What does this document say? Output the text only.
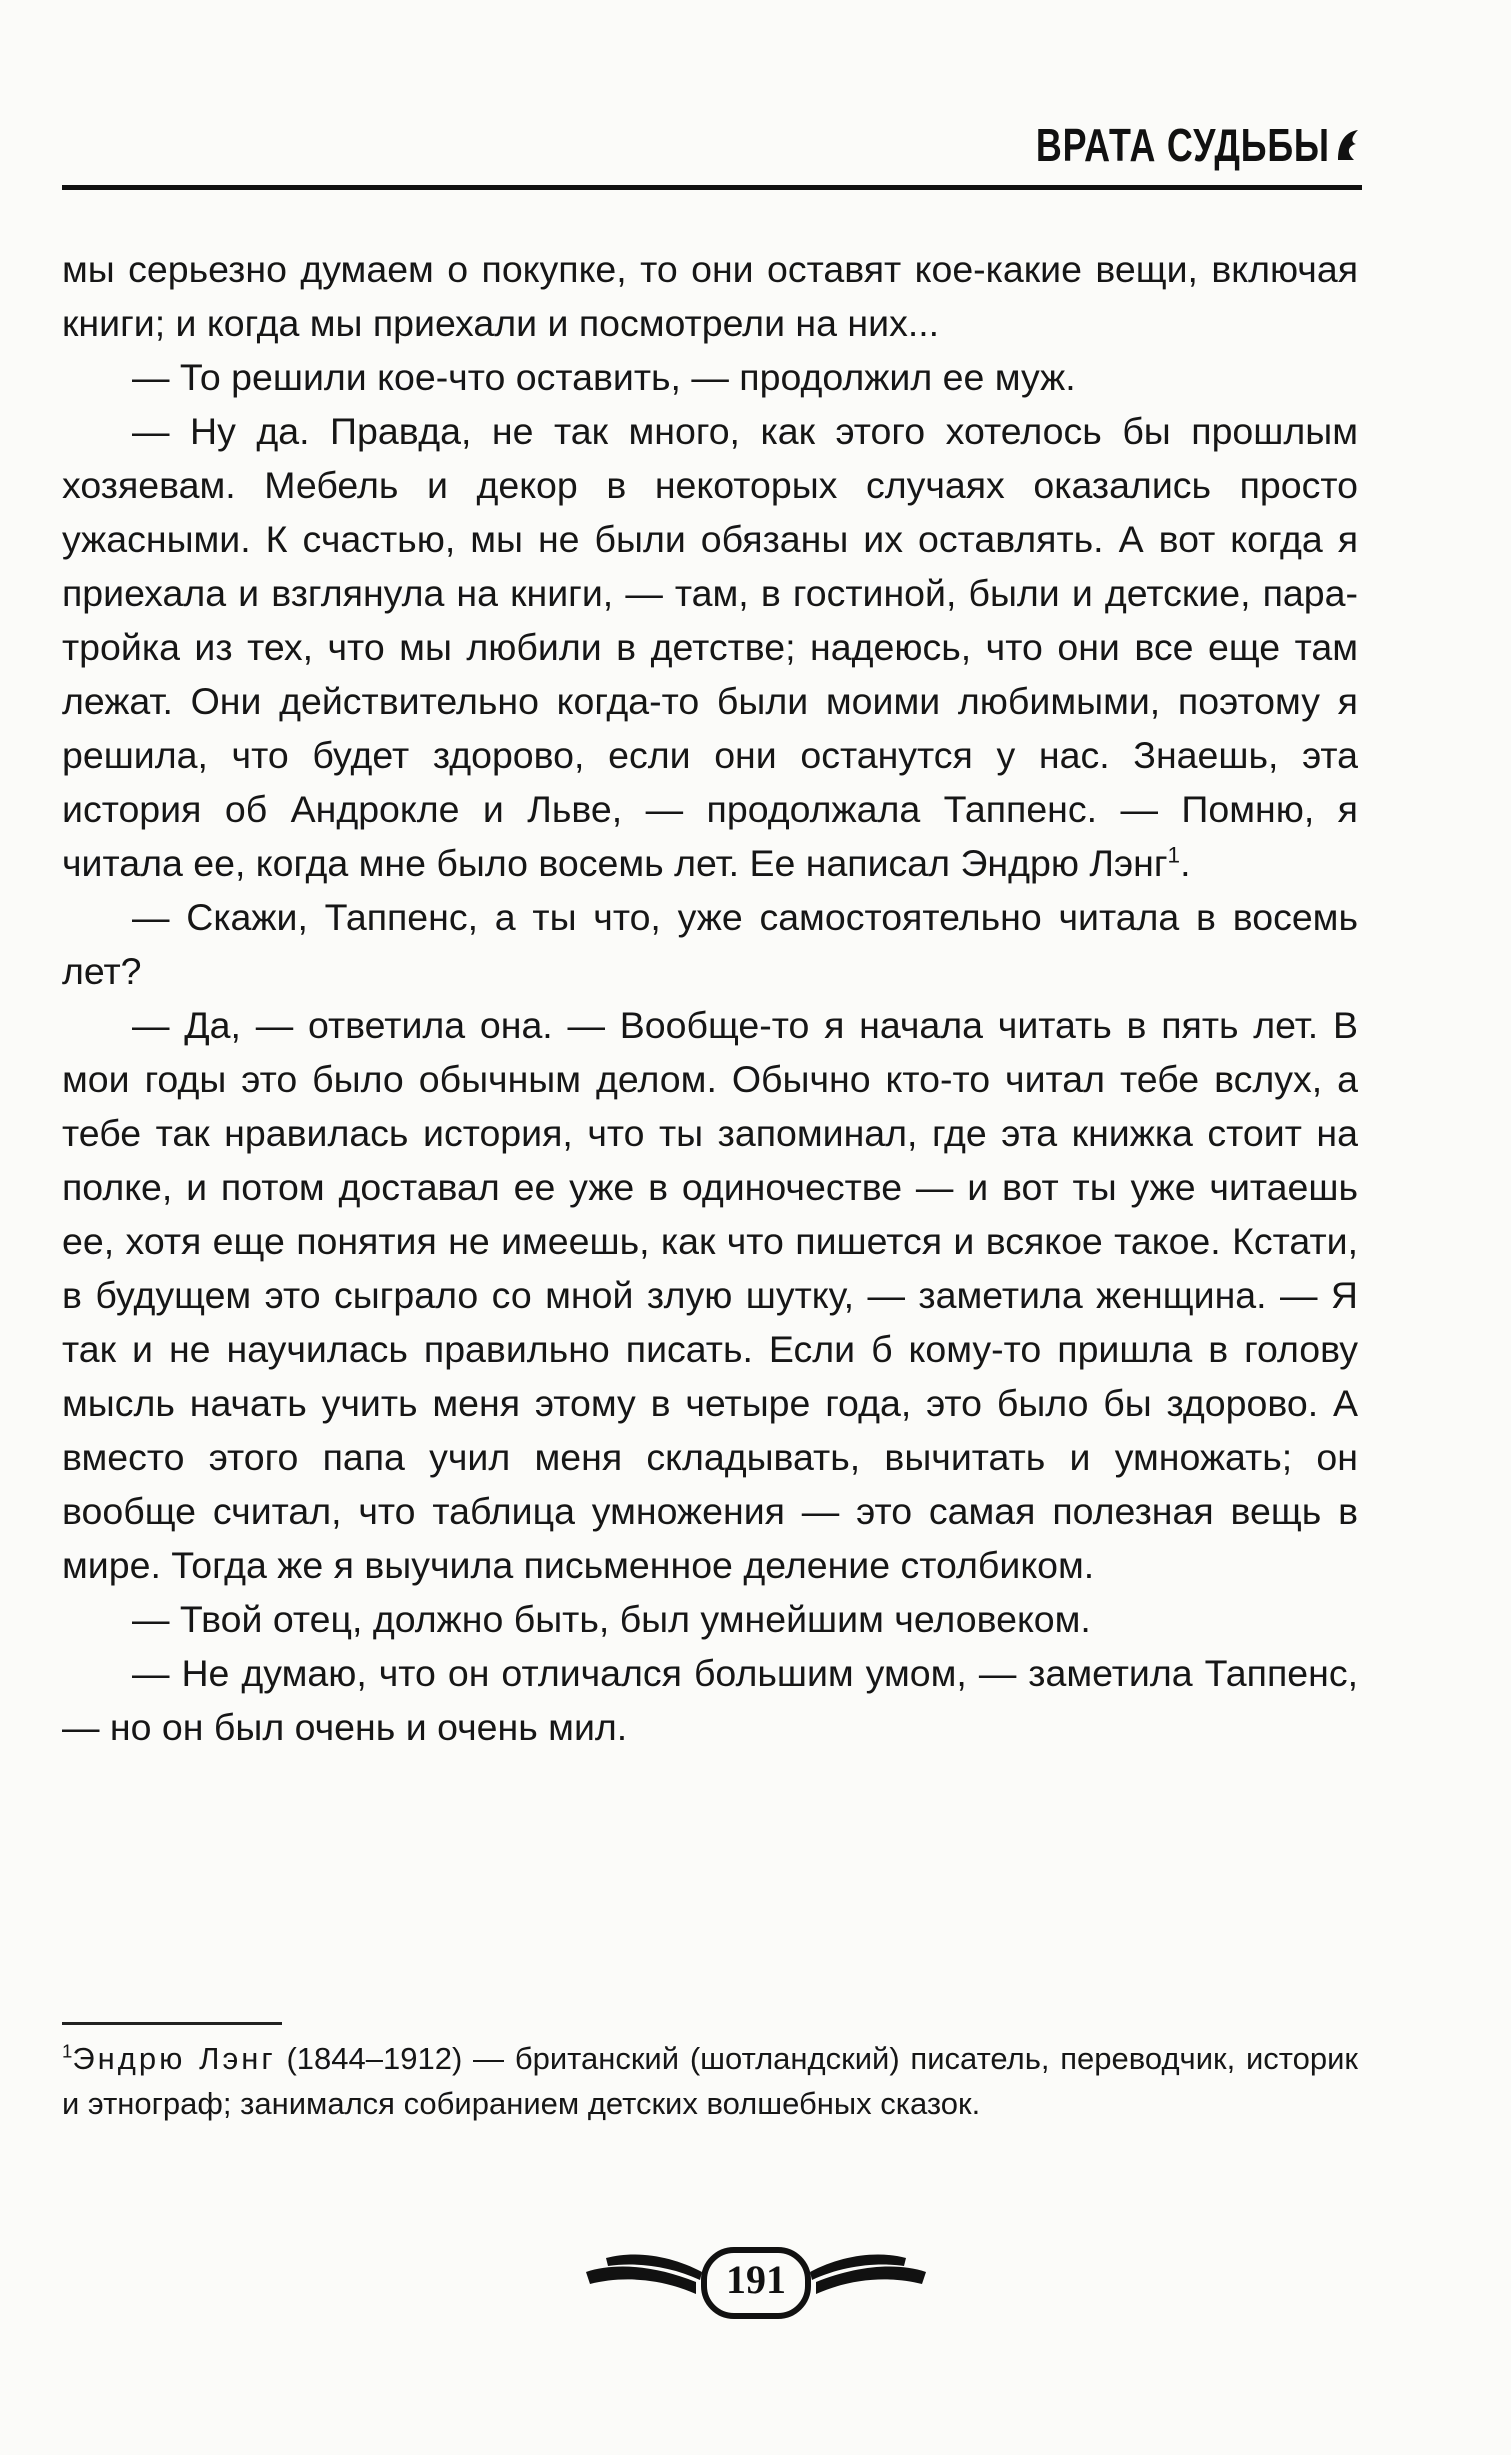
ВРАТА СУДЬБЫ

мы серьезно думаем о покупке, то они оставят кое-какие вещи, включая книги; и когда мы приехали и посмотрели на них...

— То решили кое-что оставить, — продолжил ее муж.

— Ну да. Правда, не так много, как этого хотелось бы прошлым хозяевам. Мебель и декор в некоторых случаях оказались просто ужасными. К счастью, мы не были обязаны их оставлять. А вот когда я приехала и взглянула на книги, — там, в гостиной, были и детские, пара-тройка из тех, что мы любили в детстве; надеюсь, что они все еще там лежат. Они действительно когда-то были моими любимыми, поэтому я решила, что будет здорово, если они останутся у нас. Знаешь, эта история об Андрокле и Льве, — продолжала Таппенс. — Помню, я читала ее, когда мне было восемь лет. Ее написал Эндрю Лэнг$^1$.

— Скажи, Таппенс, а ты что, уже самостоятельно читала в восемь лет?

— Да, — ответила она. — Вообще-то я начала читать в пять лет. В мои годы это было обычным делом. Обычно кто-то читал тебе вслух, а тебе так нравилась история, что ты запоминал, где эта книжка стоит на полке, и потом доставал ее уже в одиночестве — и вот ты уже читаешь ее, хотя еще понятия не имеешь, как что пишется и всякое такое. Кстати, в будущем это сыграло со мной злую шутку, — заметила женщина. — Я так и не научилась правильно писать. Если б кому-то пришла в голову мысль начать учить меня этому в четыре года, это было бы здорово. А вместо этого папа учил меня складывать, вычитать и умножать; он вообще считал, что таблица умножения — это самая полезная вещь в мире. Тогда же я выучила письменное деление столбиком.

— Твой отец, должно быть, был умнейшим человеком.

— Не думаю, что он отличался большим умом, — заметила Таппенс, — но он был очень и очень мил.

$^1$Эндрю Лэнг (1844–1912) — британский (шотландский) писатель, переводчик, историк и этнограф; занимался собиранием детских волшебных сказок.
191
